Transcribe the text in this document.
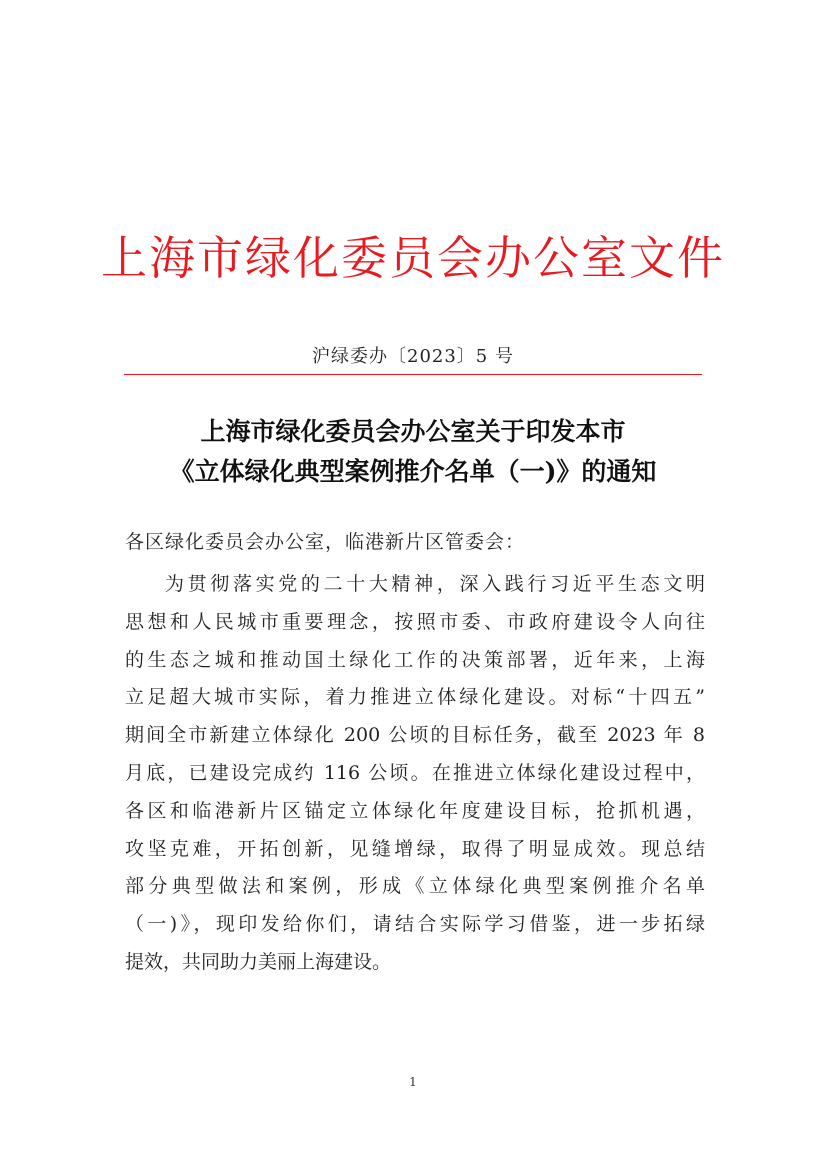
上海市绿化委员会办公室文件
沪绿委办〔2023〕5 号
上海市绿化委员会办公室关于印发本市
《立体绿化典型案例推介名单（一)》的通知
各区绿化委员会办公室，临港新片区管委会：
为贯彻落实党的二十大精神，深入践行习近平生态文明
思想和人民城市重要理念，按照市委、市政府建设令人向往
的生态之城和推动国土绿化工作的决策部署，近年来，上海
立足超大城市实际，着力推进立体绿化建设。对标“十四五”
期间全市新建立体绿化 200 公顷的目标任务，截至 2023 年 8
月底，已建设完成约 116 公顷。在推进立体绿化建设过程中，
各区和临港新片区锚定立体绿化年度建设目标，抢抓机遇，
攻坚克难，开拓创新，见缝增绿，取得了明显成效。现总结
部分典型做法和案例，形成《立体绿化典型案例推介名单
（一)》，现印发给你们，请结合实际学习借鉴，进一步拓绿
提效，共同助力美丽上海建设。
1
